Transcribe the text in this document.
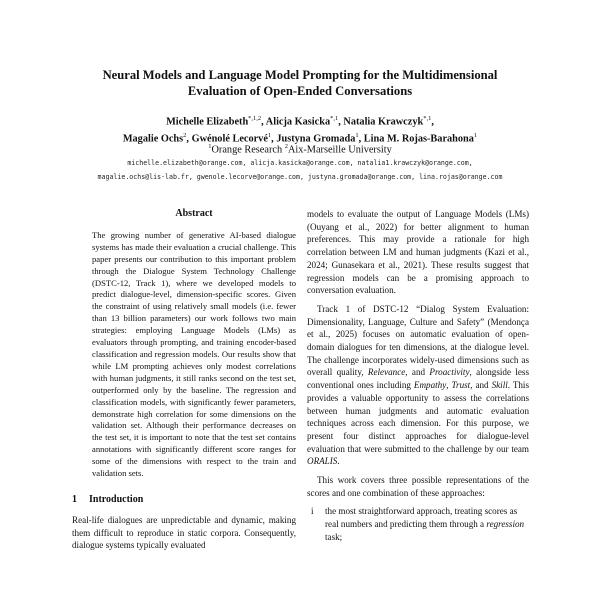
Neural Models and Language Model Prompting for the Multidimensional
Evaluation of Open-Ended Conversations
Michelle Elizabeth$^{*,1,2}$, Alicja Kasicka$^{*,1}$, Natalia Krawczyk$^{*,1}$,
Magalie Ochs$^2$, Gwénolé Lecorvé$^1$, Justyna Gromada$^1$, Lina M. Rojas-Barahona$^1$
$^1$Orange Research $^2$Aix-Marseille University
michelle.elizabeth@orange.com, alicja.kasicka@orange.com, natalia1.krawczyk@orange.com,
magalie.ochs@lis-lab.fr, gwenole.lecorve@orange.com, justyna.gromada@orange.com, lina.rojas@orange.com
Abstract

The growing number of generative AI-based dialogue systems has made their evaluation a crucial challenge. This paper presents our contribution to this important problem through the Dialogue System Technology Challenge (DSTC-12, Track 1), where we developed models to predict dialogue-level, dimension-specific scores. Given the constraint of using relatively small models (i.e. fewer than 13 billion parameters) our work follows two main strategies: employing Language Models (LMs) as evaluators through prompting, and training encoder-based classification and regression models. Our results show that while LM prompting achieves only modest correlations with human judgments, it still ranks second on the test set, outperformed only by the baseline. The regression and classification models, with significantly fewer parameters, demonstrate high correlation for some dimensions on the validation set. Although their performance decreases on the test set, it is important to note that the test set contains annotations with significantly different score ranges for some of the dimensions with respect to the train and validation sets.

1 Introduction

Real-life dialogues are unpredictable and dynamic, making them difficult to reproduce in static corpora. Consequently, dialogue systems typically evaluated

models to evaluate the output of Language Models (LMs) (Ouyang et al., 2022) for better alignment to human preferences. This may provide a rationale for high correlation between LM and human judgments (Kazi et al., 2024; Gunasekara et al., 2021). These results suggest that regression models can be a promising approach to conversation evaluation.

Track 1 of DSTC-12 “Dialog System Evaluation: Dimensionality, Language, Culture and Safety” (Mendonça et al., 2025) focuses on automatic evaluation of open-domain dialogues for ten dimensions, at the dialogue level. The challenge incorporates widely-used dimensions such as overall quality, Relevance, and Proactivity, alongside less conventional ones including Empathy, Trust, and Skill. This provides a valuable opportunity to assess the correlations between human judgments and automatic evaluation techniques across each dimension. For this purpose, we present four distinct approaches for dialogue-level evaluation that were submitted to the challenge by our team ORALIS.

This work covers three possible representations of the scores and one combination of these approaches:

i	the most straightforward approach, treating scores as real numbers and predicting them through a regression task;
